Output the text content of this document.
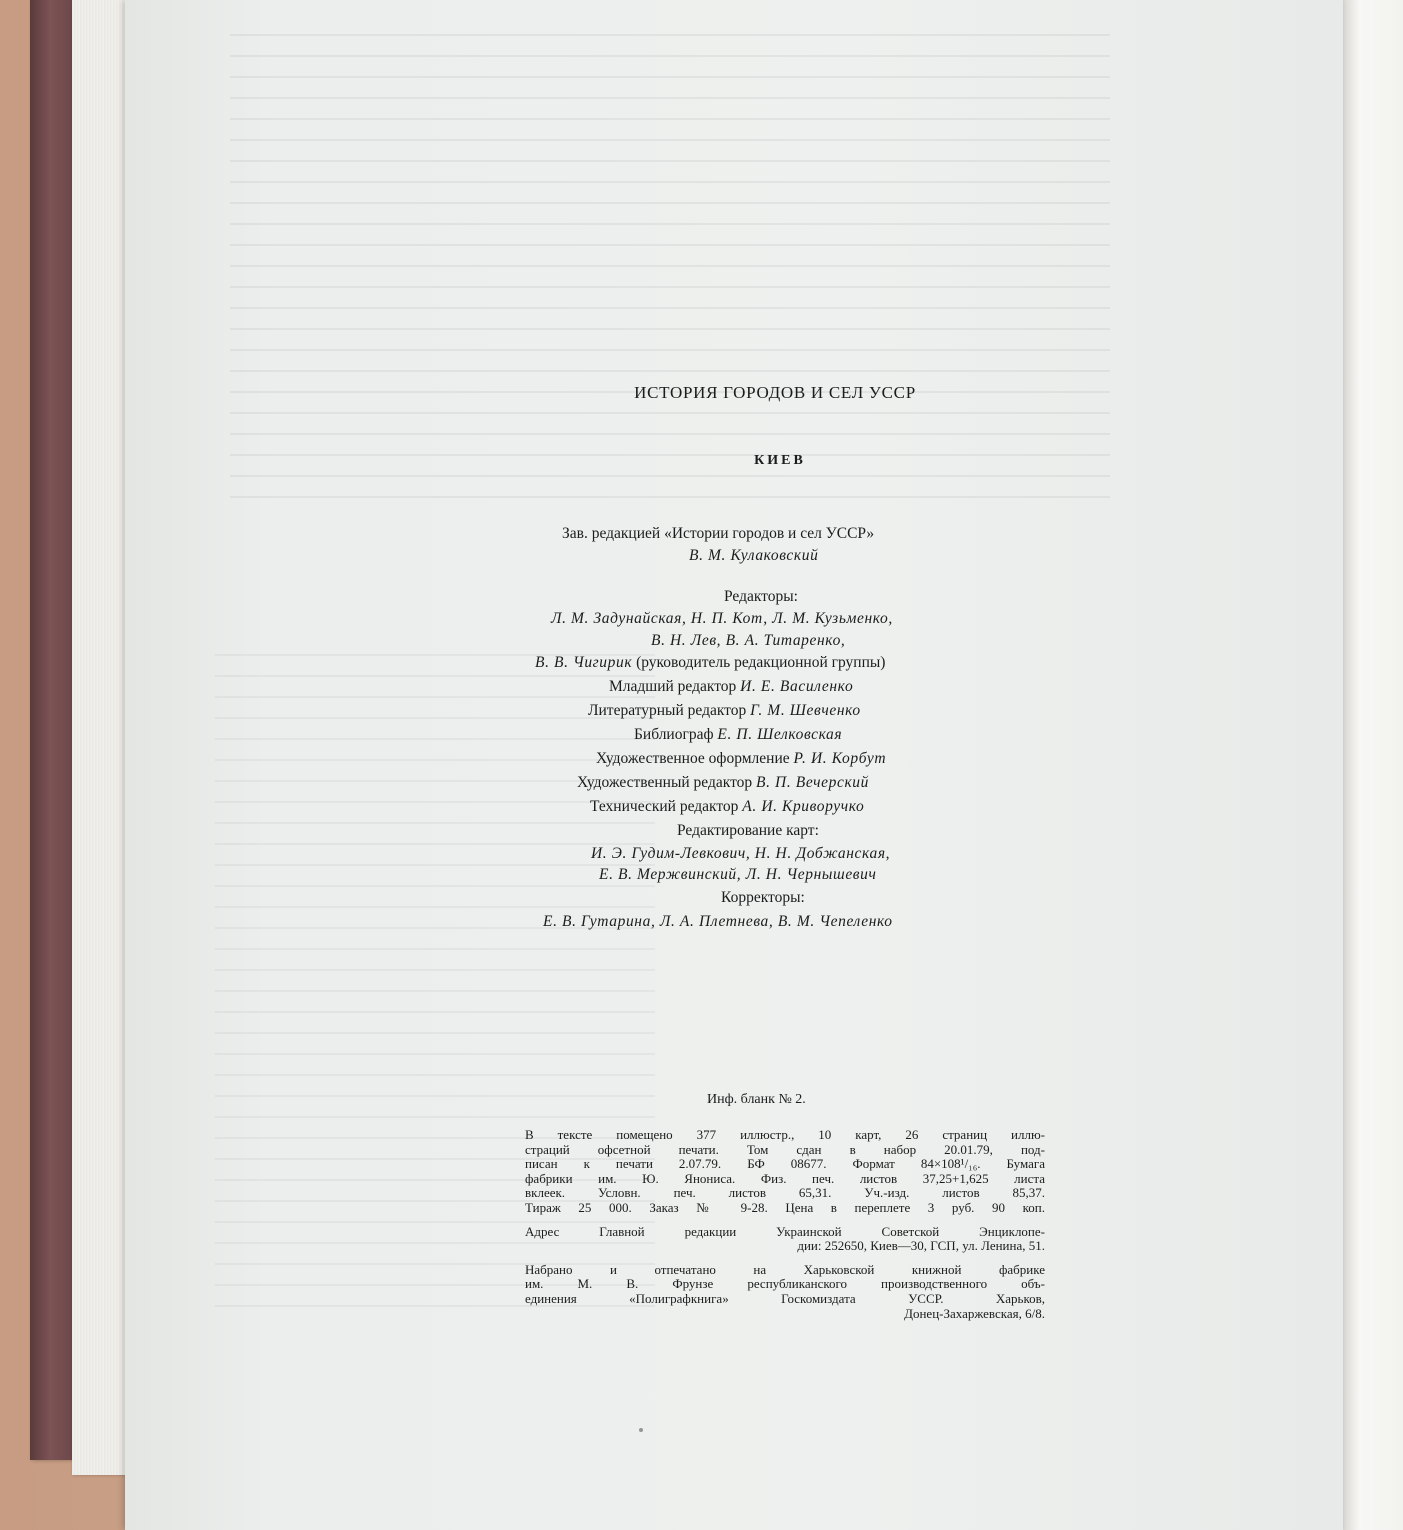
ИСТОРИЯ ГОРОДОВ И СЕЛ УССР
КИЕВ
Зав. редакцией «Истории городов и сел УССР»
В. М. Кулаковский
Редакторы:
Л. М. Задунайская, Н. П. Кот, Л. М. Кузьменко,
В. Н. Лев, В. А. Титаренко,
В. В. Чигирик (руководитель редакционной группы)
Младший редактор И. Е. Василенко
Литературный редактор Г. М. Шевченко
Библиограф Е. П. Шелковская
Художественное оформление Р. И. Корбут
Художественный редактор В. П. Вечерский
Технический редактор А. И. Криворучко
Редактирование карт:
И. Э. Гудим-Левкович, Н. Н. Добжанская,
Е. В. Мержвинский, Л. Н. Чернышевич
Корректоры:
Е. В. Гутарина, Л. А. Плетнева, В. М. Чепеленко
Инф. бланк № 2.

В тексте помещено 377 иллюстр., 10 карт, 26 страниц иллю-
страций офсетной печати. Том сдан в набор 20.01.79, под-
писан к печати 2.07.79. БФ 08677. Формат 84×108¹/₁₆. Бумага
фабрики им. Ю. Янониса. Физ. печ. листов 37,25+1,625 листа
вклеек. Условн. печ. листов 65,31. Уч.-изд. листов 85,37.
Тираж 25 000. Заказ № 9-28. Цена в переплете 3 руб. 90 коп.

Адрес Главной редакции Украинской Советской Энциклопе-
дии: 252650, Киев—30, ГСП, ул. Ленина, 51.

Набрано и отпечатано на Харьковской книжной фабрике
им. М. В. Фрунзе республиканского производственного объ-
единения «Полиграфкнига» Госкомиздата УССР. Харьков,
Донец-Захаржевская, 6/8.
